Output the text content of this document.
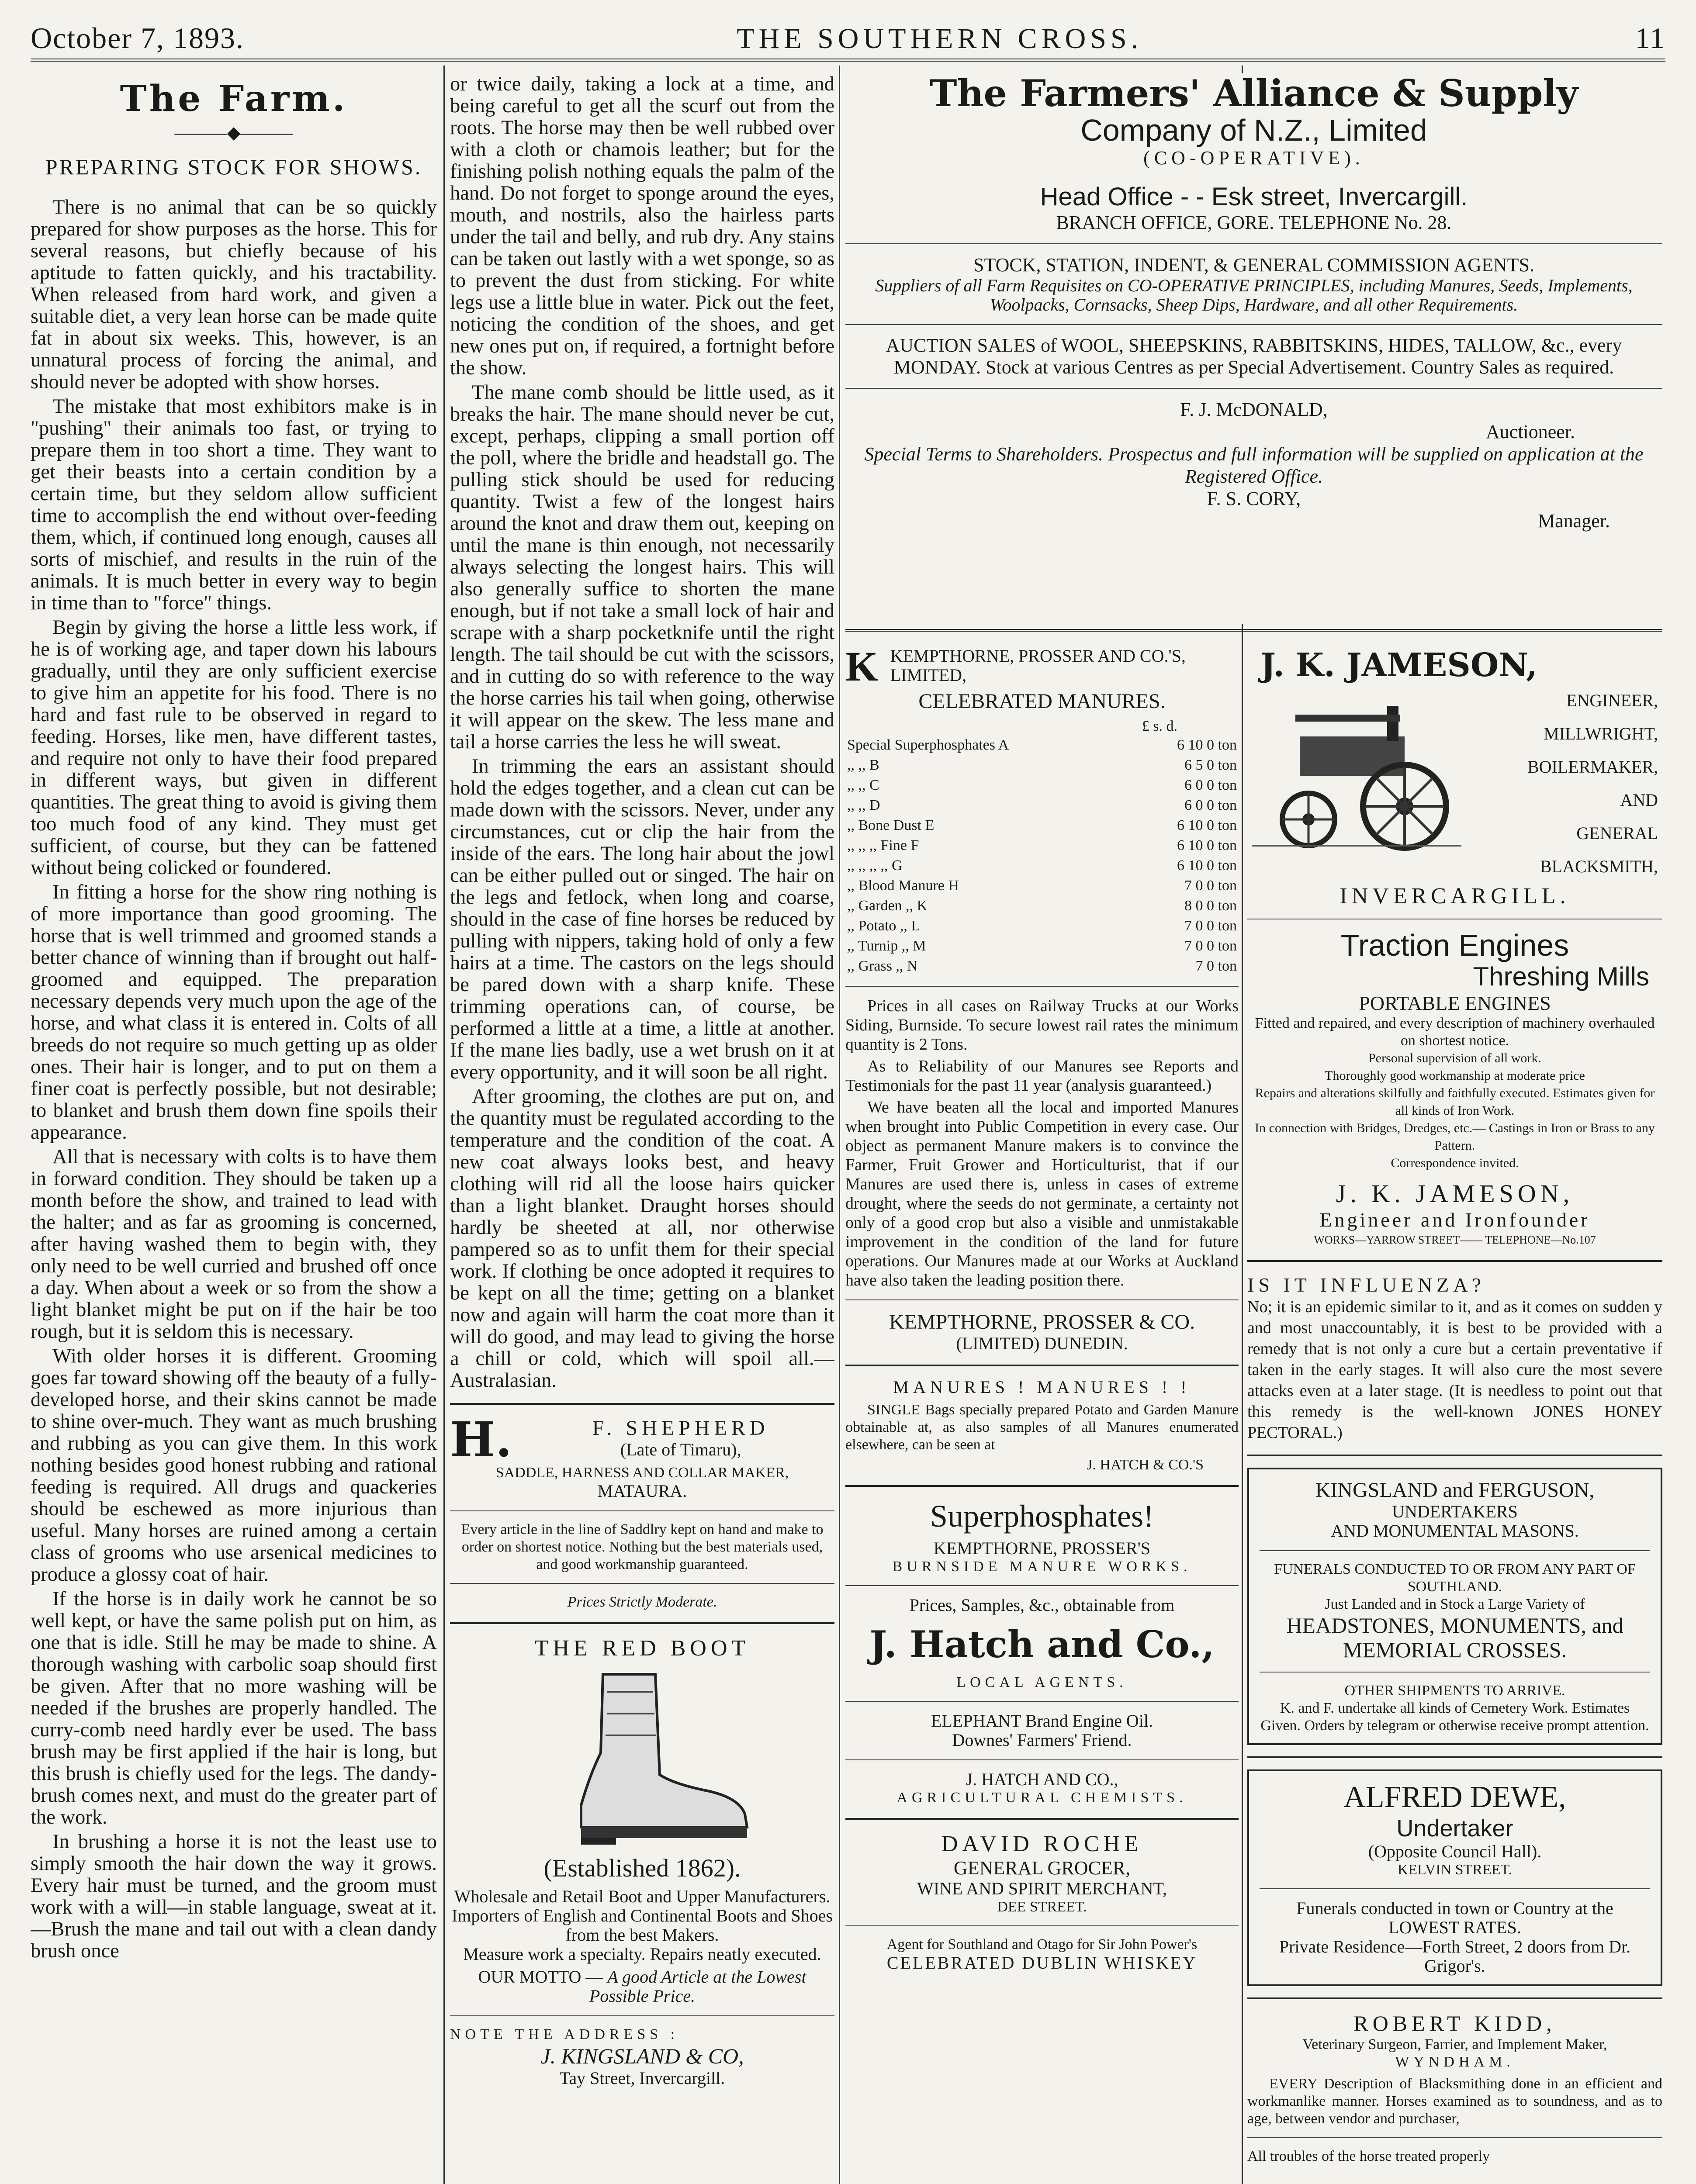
October 7, 1893.	THE SOUTHERN CROSS.	11
The Farm.
———◆———
PREPARING STOCK FOR SHOWS.

There is no animal that can be so quickly prepared for show purposes as the horse. This for several reasons, but chiefly because of his aptitude to fatten quickly, and his tractability. When released from hard work, and given a suitable diet, a very lean horse can be made quite fat in about six weeks. This, however, is an unnatural process of forcing the animal, and should never be adopted with show horses.

The mistake that most exhibitors make is in "pushing" their animals too fast, or trying to prepare them in too short a time. They want to get their beasts into a certain condition by a certain time, but they seldom allow sufficient time to accomplish the end without over-feeding them, which, if continued long enough, causes all sorts of mischief, and results in the ruin of the animals. It is much better in every way to begin in time than to "force" things.

Begin by giving the horse a little less work, if he is of working age, and taper down his labours gradually, until they are only sufficient exercise to give him an appetite for his food. There is no hard and fast rule to be observed in regard to feeding. Horses, like men, have different tastes, and require not only to have their food prepared in different ways, but given in different quantities. The great thing to avoid is giving them too much food of any kind. They must get sufficient, of course, but they can be fattened without being colicked or foundered.

In fitting a horse for the show ring nothing is of more importance than good grooming. The horse that is well trimmed and groomed stands a better chance of winning than if brought out half-groomed and equipped. The preparation necessary depends very much upon the age of the horse, and what class it is entered in. Colts of all breeds do not require so much getting up as older ones. Their hair is longer, and to put on them a finer coat is perfectly possible, but not desirable; to blanket and brush them down fine spoils their appearance.

All that is necessary with colts is to have them in forward condition. They should be taken up a month before the show, and trained to lead with the halter; and as far as grooming is concerned, after having washed them to begin with, they only need to be well curried and brushed off once a day. When about a week or so from the show a light blanket might be put on if the hair be too rough, but it is seldom this is necessary.

With older horses it is different. Grooming goes far toward showing off the beauty of a fully-developed horse, and their skins cannot be made to shine over-much. They want as much brushing and rubbing as you can give them. In this work nothing besides good honest rubbing and rational feeding is required. All drugs and quackeries should be eschewed as more injurious than useful. Many horses are ruined among a certain class of grooms who use arsenical medicines to produce a glossy coat of hair.

If the horse is in daily work he cannot be so well kept, or have the same polish put on him, as one that is idle. Still he may be made to shine. A thorough washing with carbolic soap should first be given. After that no more washing will be needed if the brushes are properly handled. The curry-comb need hardly ever be used. The bass brush may be first applied if the hair is long, but this brush is chiefly used for the legs. The dandy-brush comes next, and must do the greater part of the work.

In brushing a horse it is not the least use to simply smooth the hair down the way it grows. Every hair must be turned, and the groom must work with a will—in stable language, sweat at it.—Brush the mane and tail out with a clean dandy brush once

or twice daily, taking a lock at a time, and being careful to get all the scurf out from the roots. The horse may then be well rubbed over with a cloth or chamois leather; but for the finishing polish nothing equals the palm of the hand. Do not forget to sponge around the eyes, mouth, and nostrils, also the hairless parts under the tail and belly, and rub dry. Any stains can be taken out lastly with a wet sponge, so as to prevent the dust from sticking. For white legs use a little blue in water. Pick out the feet, noticing the condition of the shoes, and get new ones put on, if required, a fortnight before the show.

The mane comb should be little used, as it breaks the hair. The mane should never be cut, except, perhaps, clipping a small portion off the poll, where the bridle and headstall go. The pulling stick should be used for reducing quantity. Twist a few of the longest hairs around the knot and draw them out, keeping on until the mane is thin enough, not necessarily always selecting the longest hairs. This will also generally suffice to shorten the mane enough, but if not take a small lock of hair and scrape with a sharp pocketknife until the right length. The tail should be cut with the scissors, and in cutting do so with reference to the way the horse carries his tail when going, otherwise it will appear on the skew. The less mane and tail a horse carries the less he will sweat.

In trimming the ears an assistant should hold the edges together, and a clean cut can be made down with the scissors. Never, under any circumstances, cut or clip the hair from the inside of the ears. The long hair about the jowl can be either pulled out or singed. The hair on the legs and fetlock, when long and coarse, should in the case of fine horses be reduced by pulling with nippers, taking hold of only a few hairs at a time. The castors on the legs should be pared down with a sharp knife. These trimming operations can, of course, be performed a little at a time, a little at another. If the mane lies badly, use a wet brush on it at every opportunity, and it will soon be all right.

After grooming, the clothes are put on, and the quantity must be regulated according to the temperature and the condition of the coat. A new coat always looks best, and heavy clothing will rid all the loose hairs quicker than a light blanket. Draught horses should hardly be sheeted at all, nor otherwise pampered so as to unfit them for their special work. If clothing be once adopted it requires to be kept on all the time; getting on a blanket now and again will harm the coat more than it will do good, and may lead to giving the horse a chill or cold, which will spoil all.—Australasian.

H.	F. SHEPHERD
(Late of Timaru),
SADDLE, HARNESS AND COLLAR MAKER,
MATAURA.
Every article in the line of Saddlry kept on hand and make to order on shortest notice. Nothing but the best materials used, and good workmanship guaranteed.
Prices Strictly Moderate.
THE RED BOOT
(Established 1862).
Wholesale and Retail Boot and Upper Manufacturers.
Importers of English and Continental Boots and Shoes from the best Makers.
Measure work a specialty. Repairs neatly executed.
OUR MOTTO — A good Article at the Lowest Possible Price.
NOTE THE ADDRESS :
J. KINGSLAND & CO,
Tay Street, Invercargill.
The Farmers' Alliance & Supply
Company of N.Z., Limited
(CO-OPERATIVE).
Head Office - - Esk street, Invercargill.
BRANCH OFFICE, GORE. TELEPHONE No. 28.
STOCK, STATION, INDENT, & GENERAL COMMISSION AGENTS.
Suppliers of all Farm Requisites on CO-OPERATIVE PRINCIPLES, including Manures, Seeds, Implements, Woolpacks, Cornsacks, Sheep Dips, Hardware, and all other Requirements.
AUCTION SALES of WOOL, SHEEPSKINS, RABBITSKINS, HIDES, TALLOW, &c., every MONDAY. Stock at various Centres as per Special Advertisement. Country Sales as required.
F. J. McDONALD,
Auctioneer.
Special Terms to Shareholders. Prospectus and full information will be supplied on application at the Registered Office.
F. S. CORY,
Manager.
K KEMPTHORNE, PROSSER AND CO.'S, LIMITED,
CELEBRATED MANURES.
£ s. d.
Special Superphosphates A	6 10 0 ton
,, ,, B	6 5 0 ton
,, ,, C	6 0 0 ton
,, ,, D	6 0 0 ton
,, Bone Dust E	6 10 0 ton
,, ,, ,, Fine F	6 10 0 ton
,, ,, ,, ,, G	6 10 0 ton
,, Blood Manure H	7 0 0 ton
,, Garden ,, K	8 0 0 ton
,, Potato ,, L	7 0 0 ton
,, Turnip ,, M	7 0 0 ton
,, Grass ,, N	7 0 ton

Prices in all cases on Railway Trucks at our Works Siding, Burnside. To secure lowest rail rates the minimum quantity is 2 Tons.

As to Reliability of our Manures see Reports and Testimonials for the past 11 year (analysis guaranteed.)

We have beaten all the local and imported Manures when brought into Public Competition in every case. Our object as permanent Manure makers is to convince the Farmer, Fruit Grower and Horticulturist, that if our Manures are used there is, unless in cases of extreme drought, where the seeds do not germinate, a certainty not only of a good crop but also a visible and unmistakable improvement in the condition of the land for future operations. Our Manures made at our Works at Auckland have also taken the leading position there.

KEMPTHORNE, PROSSER & CO.
(LIMITED) DUNEDIN.
MANURES ! MANURES ! !

SINGLE Bags specially prepared Potato and Garden Manure obtainable at, as also samples of all Manures enumerated elsewhere, can be seen at

J. HATCH & CO.'S
Superphosphates!
KEMPTHORNE, PROSSER'S
BURNSIDE MANURE WORKS.
Prices, Samples, &c., obtainable from
J. Hatch and Co.,
LOCAL AGENTS.
ELEPHANT Brand Engine Oil.
Downes' Farmers' Friend.
J. HATCH AND CO.,
AGRICULTURAL CHEMISTS.
DAVID ROCHE
GENERAL GROCER,
WINE AND SPIRIT MERCHANT,
DEE STREET.
Agent for Southland and Otago for Sir John Power's
CELEBRATED DUBLIN WHISKEY
J. K. JAMESON,
ENGINEER,
MILLWRIGHT,
BOILERMAKER,
AND
GENERAL
BLACKSMITH,
INVERCARGILL.
Traction Engines
Threshing Mills
PORTABLE ENGINES
Fitted and repaired, and every description of machinery overhauled on shortest notice.
Personal supervision of all work.
Thoroughly good workmanship at moderate price
Repairs and alterations skilfully and faithfully executed. Estimates given for all kinds of Iron Work.
In connection with Bridges, Dredges, etc.— Castings in Iron or Brass to any Pattern.
Correspondence invited.
J. K. JAMESON,
Engineer and Ironfounder
WORKS—YARROW STREET—— TELEPHONE—No.107
IS IT INFLUENZA?

No; it is an epidemic similar to it, and as it comes on sudden y and most unaccountably, it is best to be provided with a remedy that is not only a cure but a certain preventative if taken in the early stages. It will also cure the most severe attacks even at a later stage. (It is needless to point out that this remedy is the well-known JONES HONEY PECTORAL.)

KINGSLAND and FERGUSON,
UNDERTAKERS
AND MONUMENTAL MASONS.
FUNERALS CONDUCTED TO OR FROM ANY PART OF SOUTHLAND.
Just Landed and in Stock a Large Variety of
HEADSTONES, MONUMENTS, and MEMORIAL CROSSES.
OTHER SHIPMENTS TO ARRIVE.
K. and F. undertake all kinds of Cemetery Work. Estimates Given. Orders by telegram or otherwise receive prompt attention.
ALFRED DEWE,
Undertaker
(Opposite Council Hall).
KELVIN STREET.
Funerals conducted in town or Country at the LOWEST RATES.
Private Residence—Forth Street, 2 doors from Dr. Grigor's.
ROBERT KIDD,
Veterinary Surgeon, Farrier, and Implement Maker,
WYNDHAM.

EVERY Description of Blacksmithing done in an efficient and workmanlike manner. Horses examined as to soundness, and as to age, between vendor and purchaser,

All troubles of the horse treated properly
